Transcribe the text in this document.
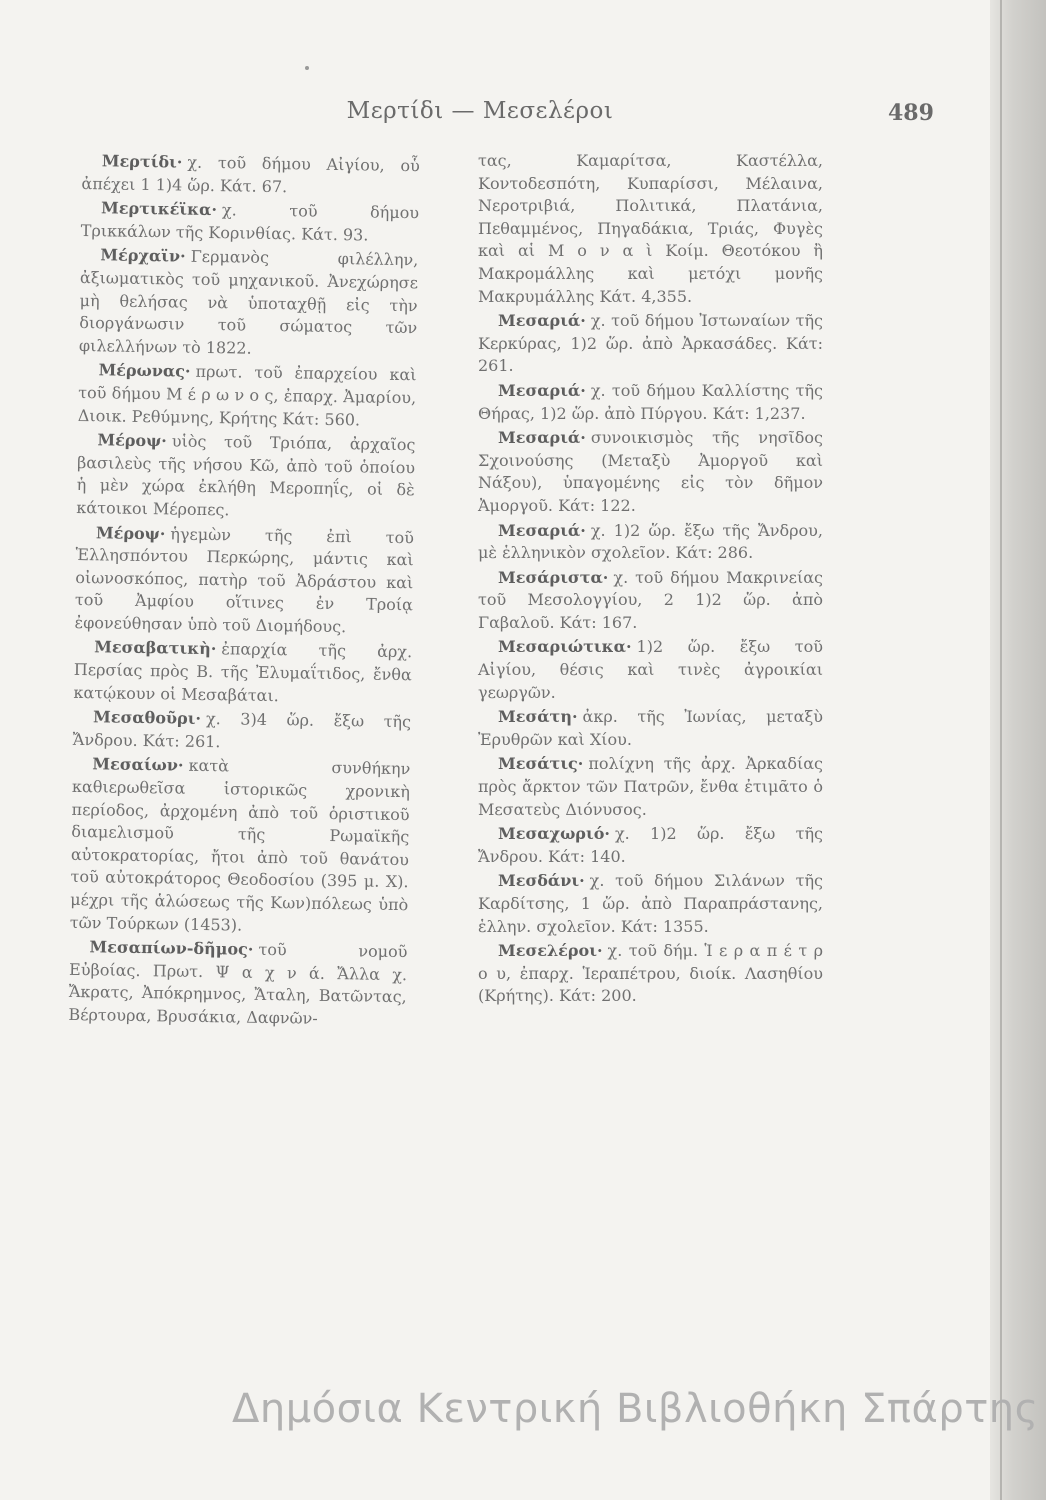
Μερτίδι — Μεσελέροι	489

Μερτίδι· χ. τοῦ δήμου Αἰγίου, οὗ ἀπέχει 1 1)4 ὥρ. Κάτ. 67.

Μερτικέϊκα· χ. τοῦ δήμου Τρικκάλων τῆς Κορινθίας. Κάτ. 93.

Μέρχαϊν· Γερμανὸς φιλέλλην, ἀξιωματικὸς τοῦ μηχανικοῦ. Ἀνεχώρησε μὴ θελήσας νὰ ὑποταχθῇ εἰς τὴν διοργάνωσιν τοῦ σώματος τῶν φιλελλήνων τὸ 1822.

Μέρωνας· πρωτ. τοῦ ἐπαρχείου καὶ τοῦ δήμου Μ έ ρ ω ν ο ς, ἐπαρχ. Ἀμαρίου, Διοικ. Ρεθύμνης, Κρήτης Κάτ: 560.

Μέροψ· υἱὸς τοῦ Τριόπα, ἀρχαῖος βασιλεὺς τῆς νήσου Κῶ, ἀπὸ τοῦ ὁποίου ἡ μὲν χώρα ἐκλήθη Μεροπηΐς, οἱ δὲ κάτοικοι Μέροπες.

Μέροψ· ἡγεμὼν τῆς ἐπὶ τοῦ Ἑλλησπόντου Περκώρης, μάντις καὶ οἰωνοσκόπος, πατὴρ τοῦ Ἀδράστου καὶ τοῦ Ἀμφίου οἵτινες ἐν Τροίᾳ ἐφονεύθησαν ὑπὸ τοῦ Διομήδους.

Μεσαβατικὴ· ἐπαρχία τῆς ἀρχ. Περσίας πρὸς Β. τῆς Ἐλυμαΐτιδος, ἔνθα κατῴκουν οἱ Μεσαβάται.

Μεσαθοῦρι· χ. 3)4 ὥρ. ἔξω τῆς Ἄνδρου. Κάτ: 261.

Μεσαίων· κατὰ συνθήκην καθιερωθεῖσα ἱστορικῶς χρονικὴ περίοδος, ἀρχομένη ἀπὸ τοῦ ὁριστικοῦ διαμελισμοῦ τῆς Ρωμαϊκῆς αὐτοκρατορίας, ἤτοι ἀπὸ τοῦ θανάτου τοῦ αὐτοκράτορος Θεοδοσίου (395 μ. Χ). μέχρι τῆς ἁλώσεως τῆς Κων)πόλεως ὑπὸ τῶν Τούρκων (1453).

Μεσαπίων-δῆμος· τοῦ νομοῦ Εὐβοίας. Πρωτ. Ψ α χ ν ά. Ἄλλα χ. Ἄκρατς, Ἀπόκρημνος, Ἄταλη, Βατῶντας, Βέρτουρα, Βρυσάκια, Δαφνῶν-

τας, Καμαρίτσα, Καστέλλα, Κοντοδεσπότη, Κυπαρίσσι, Μέλαινα, Νεροτριβιά, Πολιτικά, Πλατάνια, Πεθαμμένος, Πηγαδάκια, Τριάς, Φυγὲς καὶ αἱ Μ ο ν α ὶ Κοίμ. Θεοτόκου ἢ Μακρομάλλης καὶ μετόχι μονῆς Μακρυμάλλης Κάτ. 4,355.

Μεσαριά· χ. τοῦ δήμου Ἰστωναίων τῆς Κερκύρας, 1)2 ὥρ. ἀπὸ Ἀρκασάδες. Κάτ: 261.

Μεσαριά· χ. τοῦ δήμου Καλλίστης τῆς Θήρας, 1)2 ὥρ. ἀπὸ Πύργου. Κάτ: 1,237.

Μεσαριά· συνοικισμὸς τῆς νησῖδος Σχοινούσης (Μεταξὺ Ἀμοργοῦ καὶ Νάξου), ὑπαγομένης εἰς τὸν δῆμον Ἀμοργοῦ. Κάτ: 122.

Μεσαριά· χ. 1)2 ὥρ. ἔξω τῆς Ἄνδρου, μὲ ἑλληνικὸν σχολεῖον. Κάτ: 286.

Μεσάριστα· χ. τοῦ δήμου Μακρινείας τοῦ Μεσολογγίου, 2 1)2 ὥρ. ἀπὸ Γαβαλοῦ. Κάτ: 167.

Μεσαριώτικα· 1)2 ὥρ. ἔξω τοῦ Αἰγίου, θέσις καὶ τινὲς ἀγροικίαι γεωργῶν.

Μεσάτη· ἀκρ. τῆς Ἰωνίας, μεταξὺ Ἐρυθρῶν καὶ Χίου.

Μεσάτις· πολίχνη τῆς ἀρχ. Ἀρκαδίας πρὸς ἄρκτον τῶν Πατρῶν, ἔνθα ἐτιμᾶτο ὁ Μεσατεὺς Διόνυσος.

Μεσαχωριό· χ. 1)2 ὥρ. ἔξω τῆς Ἄνδρου. Κάτ: 140.

Μεσδάνι· χ. τοῦ δήμου Σιλάνων τῆς Καρδίτσης, 1 ὥρ. ἀπὸ Παραπράστανης, ἑλλην. σχολεῖον. Κάτ: 1355.

Μεσελέροι· χ. τοῦ δήμ. Ἱ ε ρ α π έ τ ρ ο υ, ἐπαρχ. Ἱεραπέτρου, διοίκ. Λασηθίου (Κρήτης). Κάτ: 200.

Δημόσια Κεντρική Βιβλιοθήκη Σπάρτης
